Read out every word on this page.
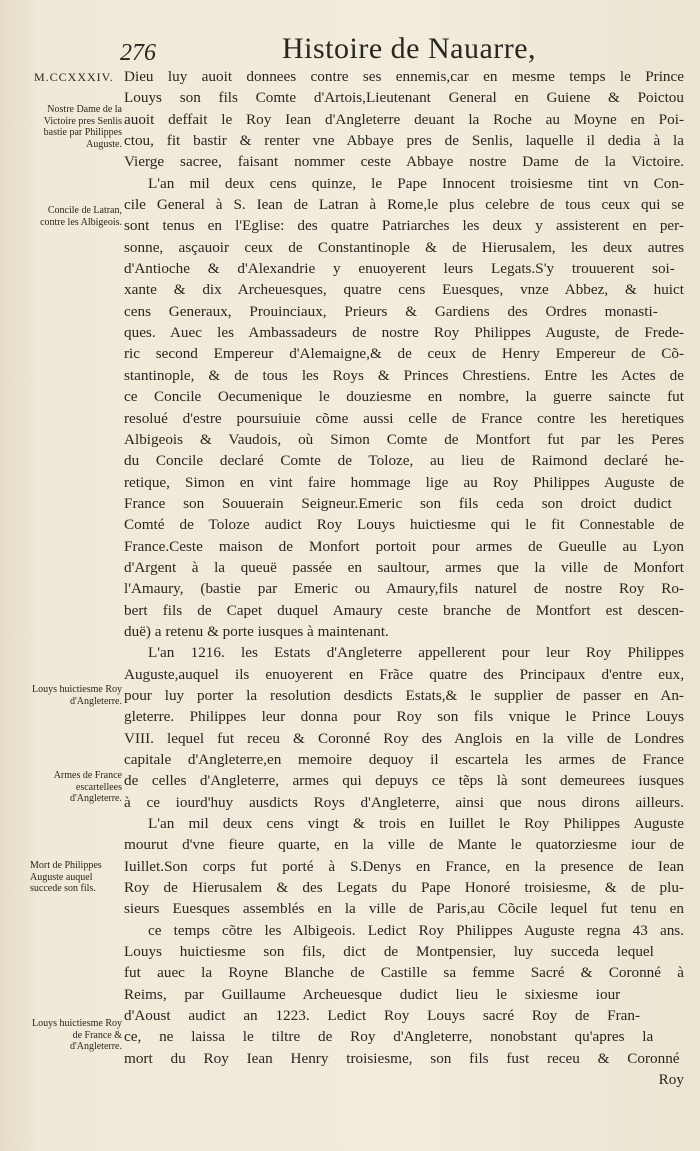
276	Histoire de Nauarre,
M.CCXXXIV.
Nostre Dame de la Victoire pres Senlis bastie par Philippes Auguste.
Concile de Latran, contre les Albigeois.
Louys huictiesme Roy d'Angleterre.
Armes de France escartellees d'Angleterre.
Mort de Philippes Auguste auquel succede son fils.
Louys huictiesme Roy de France & d'Angleterre.
Dieu luy auoit donnees contre ses ennemis,car en mesme temps le Prince
Louys son fils Comte d'Artois,Lieutenant General en Guiene & Poictou
auoit deffait le Roy Iean d'Angleterre deuant la Roche au Moyne en Poi-
ctou, fit bastir & renter vne Abbaye pres de Senlis, laquelle il dedia à la
Vierge sacree, faisant nommer ceste Abbaye nostre Dame de la Victoire.
L'an mil deux cens quinze, le Pape Innocent troisiesme tint vn Con-
cile General à S. Iean de Latran à Rome,le plus celebre de tous ceux qui se
sont tenus en l'Eglise: des quatre Patriarches les deux y assisterent en per-
sonne, asçauoir ceux de Constantinople & de Hierusalem, les deux autres
d'Antioche & d'Alexandrie y enuoyerent leurs Legats.S'y trouuerent soi-
xante & dix Archeuesques, quatre cens Euesques, vnze Abbez, & huict
cens Generaux, Prouinciaux, Prieurs & Gardiens des Ordres monasti-
ques. Auec les Ambassadeurs de nostre Roy Philippes Auguste, de Frede-
ric second Empereur d'Alemaigne,& de ceux de Henry Empereur de Cõ-
stantinople, & de tous les Roys & Princes Chrestiens. Entre les Actes de
ce Concile Oecumenique le douziesme en nombre, la guerre saincte fut
resolué d'estre poursuiuie cõme aussi celle de France contre les heretiques
Albigeois & Vaudois, où Simon Comte de Montfort fut par les Peres
du Concile declaré Comte de Toloze, au lieu de Raimond declaré he-
retique, Simon en vint faire hommage lige au Roy Philippes Auguste de
France son Souuerain Seigneur.Emeric son fils ceda son droict dudict
Comté de Toloze audict Roy Louys huictiesme qui le fit Connestable de
France.Ceste maison de Monfort portoit pour armes de Gueulle au Lyon
d'Argent à la queuë passée en saultour, armes que la ville de Monfort
l'Amaury, (bastie par Emeric ou Amaury,fils naturel de nostre Roy Ro-
bert fils de Capet duquel Amaury ceste branche de Montfort est descen-
duë) a retenu & porte iusques à maintenant.
L'an 1216. les Estats d'Angleterre appellerent pour leur Roy Philippes
Auguste,auquel ils enuoyerent en Frãce quatre des Principaux d'entre eux,
pour luy porter la resolution desdicts Estats,& le supplier de passer en An-
gleterre. Philippes leur donna pour Roy son fils vnique le Prince Louys
VIII. lequel fut receu & Coronné Roy des Anglois en la ville de Londres
capitale d'Angleterre,en memoire dequoy il escartela les armes de France
de celles d'Angleterre, armes qui depuys ce tẽps là sont demeurees iusques
à ce iourd'huy ausdicts Roys d'Angleterre, ainsi que nous dirons ailleurs.
L'an mil deux cens vingt & trois en Iuillet le Roy Philippes Auguste
mourut d'vne fieure quarte, en la ville de Mante le quatorziesme iour de
Iuillet.Son corps fut porté à S.Denys en France, en la presence de Iean
Roy de Hierusalem & des Legats du Pape Honoré troisiesme, & de plu-
sieurs Euesques assemblés en la ville de Paris,au Cõcile lequel fut tenu en
ce temps cõtre les Albigeois. Ledict Roy Philippes Auguste regna 43 ans.
Louys huictiesme son fils, dict de Montpensier, luy succeda lequel
fut auec la Royne Blanche de Castille sa femme Sacré & Coronné à
Reims, par Guillaume Archeuesque dudict lieu le sixiesme iour
d'Aoust audict an 1223. Ledict Roy Louys sacré Roy de Fran-
ce, ne laissa le tiltre de Roy d'Angleterre, nonobstant qu'apres la
mort du Roy Iean Henry troisiesme, son fils fust receu & Coronné
Roy
